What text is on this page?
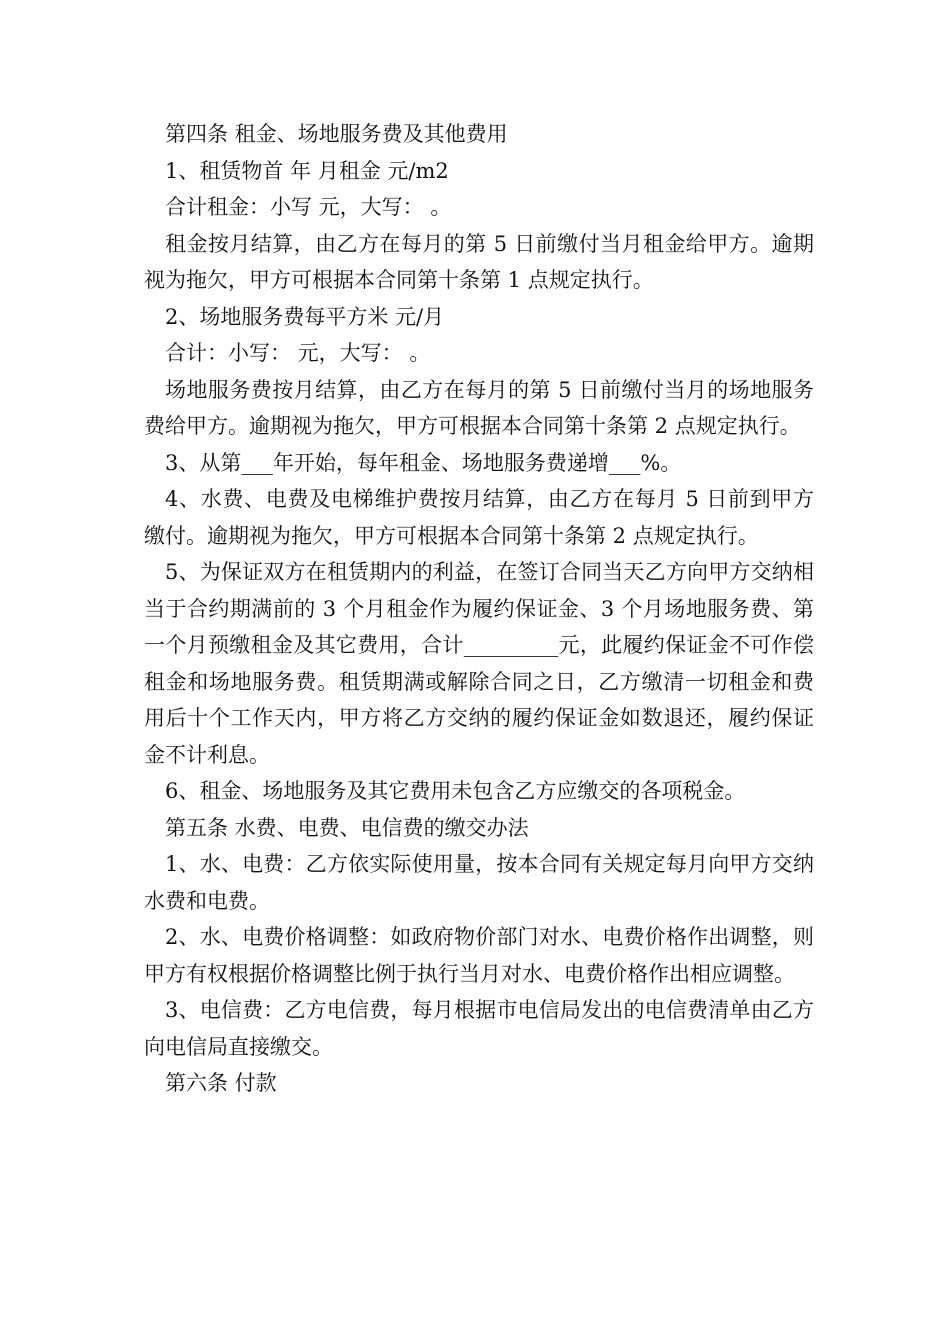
第四条 租金、场地服务费及其他费用

1、租赁物首 年 月租金 元/m2

合计租金：小写 元，大写： 。

租金按月结算，由乙方在每月的第 5 日前缴付当月租金给甲方。逾期视为拖欠，甲方可根据本合同第十条第 1 点规定执行。

2、场地服务费每平方米 元/月

合计：小写： 元，大写： 。

场地服务费按月结算，由乙方在每月的第 5 日前缴付当月的场地服务费给甲方。逾期视为拖欠，甲方可根据本合同第十条第 2 点规定执行。

3、从第___年开始，每年租金、场地服务费递增___%。

4、水费、电费及电梯维护费按月结算，由乙方在每月 5 日前到甲方缴付。逾期视为拖欠，甲方可根据本合同第十条第 2 点规定执行。

5、为保证双方在租赁期内的利益，在签订合同当天乙方向甲方交纳相当于合约期满前的 3 个月租金作为履约保证金、3 个月场地服务费、第一个月预缴租金及其它费用，合计_________元，此履约保证金不可作偿租金和场地服务费。租赁期满或解除合同之日，乙方缴清一切租金和费用后十个工作天内，甲方将乙方交纳的履约保证金如数退还，履约保证金不计利息。

6、租金、场地服务及其它费用未包含乙方应缴交的各项税金。

第五条 水费、电费、电信费的缴交办法

1、水、电费：乙方依实际使用量，按本合同有关规定每月向甲方交纳水费和电费。

2、水、电费价格调整：如政府物价部门对水、电费价格作出调整，则甲方有权根据价格调整比例于执行当月对水、电费价格作出相应调整。

3、电信费：乙方电信费，每月根据市电信局发出的电信费清单由乙方向电信局直接缴交。

第六条 付款
